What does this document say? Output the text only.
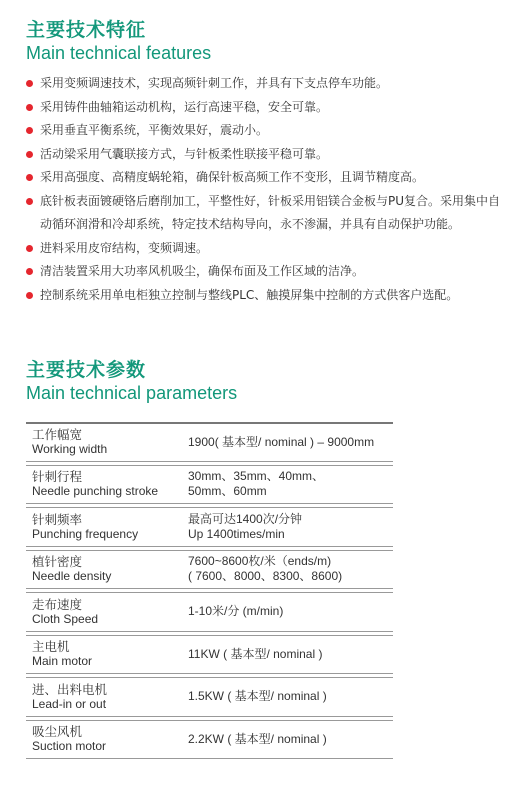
主要技术特征
Main technical features
采用变频调速技术，实现高频针刺工作，并具有下支点停车功能。
采用铸件曲轴箱运动机构，运行高速平稳，安全可靠。
采用垂直平衡系统，平衡效果好，震动小。
活动梁采用气囊联接方式，与针板柔性联接平稳可靠。
采用高强度、高精度蜗轮箱，确保针板高频工作不变形，且调节精度高。
底针板表面镀硬铬后磨削加工，平整性好，针板采用铝镁合金板与PU复合。采用集中自动循环润滑和冷却系统，特定技术结构导向，永不渗漏，并具有自动保护功能。
进料采用皮帘结构，变频调速。
清洁装置采用大功率风机吸尘，确保布面及工作区域的洁净。
控制系统采用单电柜独立控制与整线PLC、触摸屏集中控制的方式供客户选配。
主要技术参数
Main technical parameters
工作幅宽
Working width
1900( 基本型/ nominal ) – 9000mm
针刺行程
Needle punching stroke
30mm、35mm、40mm、
50mm、60mm
针刺频率
Punching frequency
最高可达1400次/分钟
Up 1400times/min
植针密度
Needle density
7600~8600枚/米（ends/m)
( 7600、8000、8300、8600)
走布速度
Cloth Speed
1-10米/分 (m/min)
主电机
Main motor
11KW ( 基本型/ nominal )
进、出料电机
Lead-in or out
1.5KW ( 基本型/ nominal )
吸尘风机
Suction motor
2.2KW ( 基本型/ nominal )
